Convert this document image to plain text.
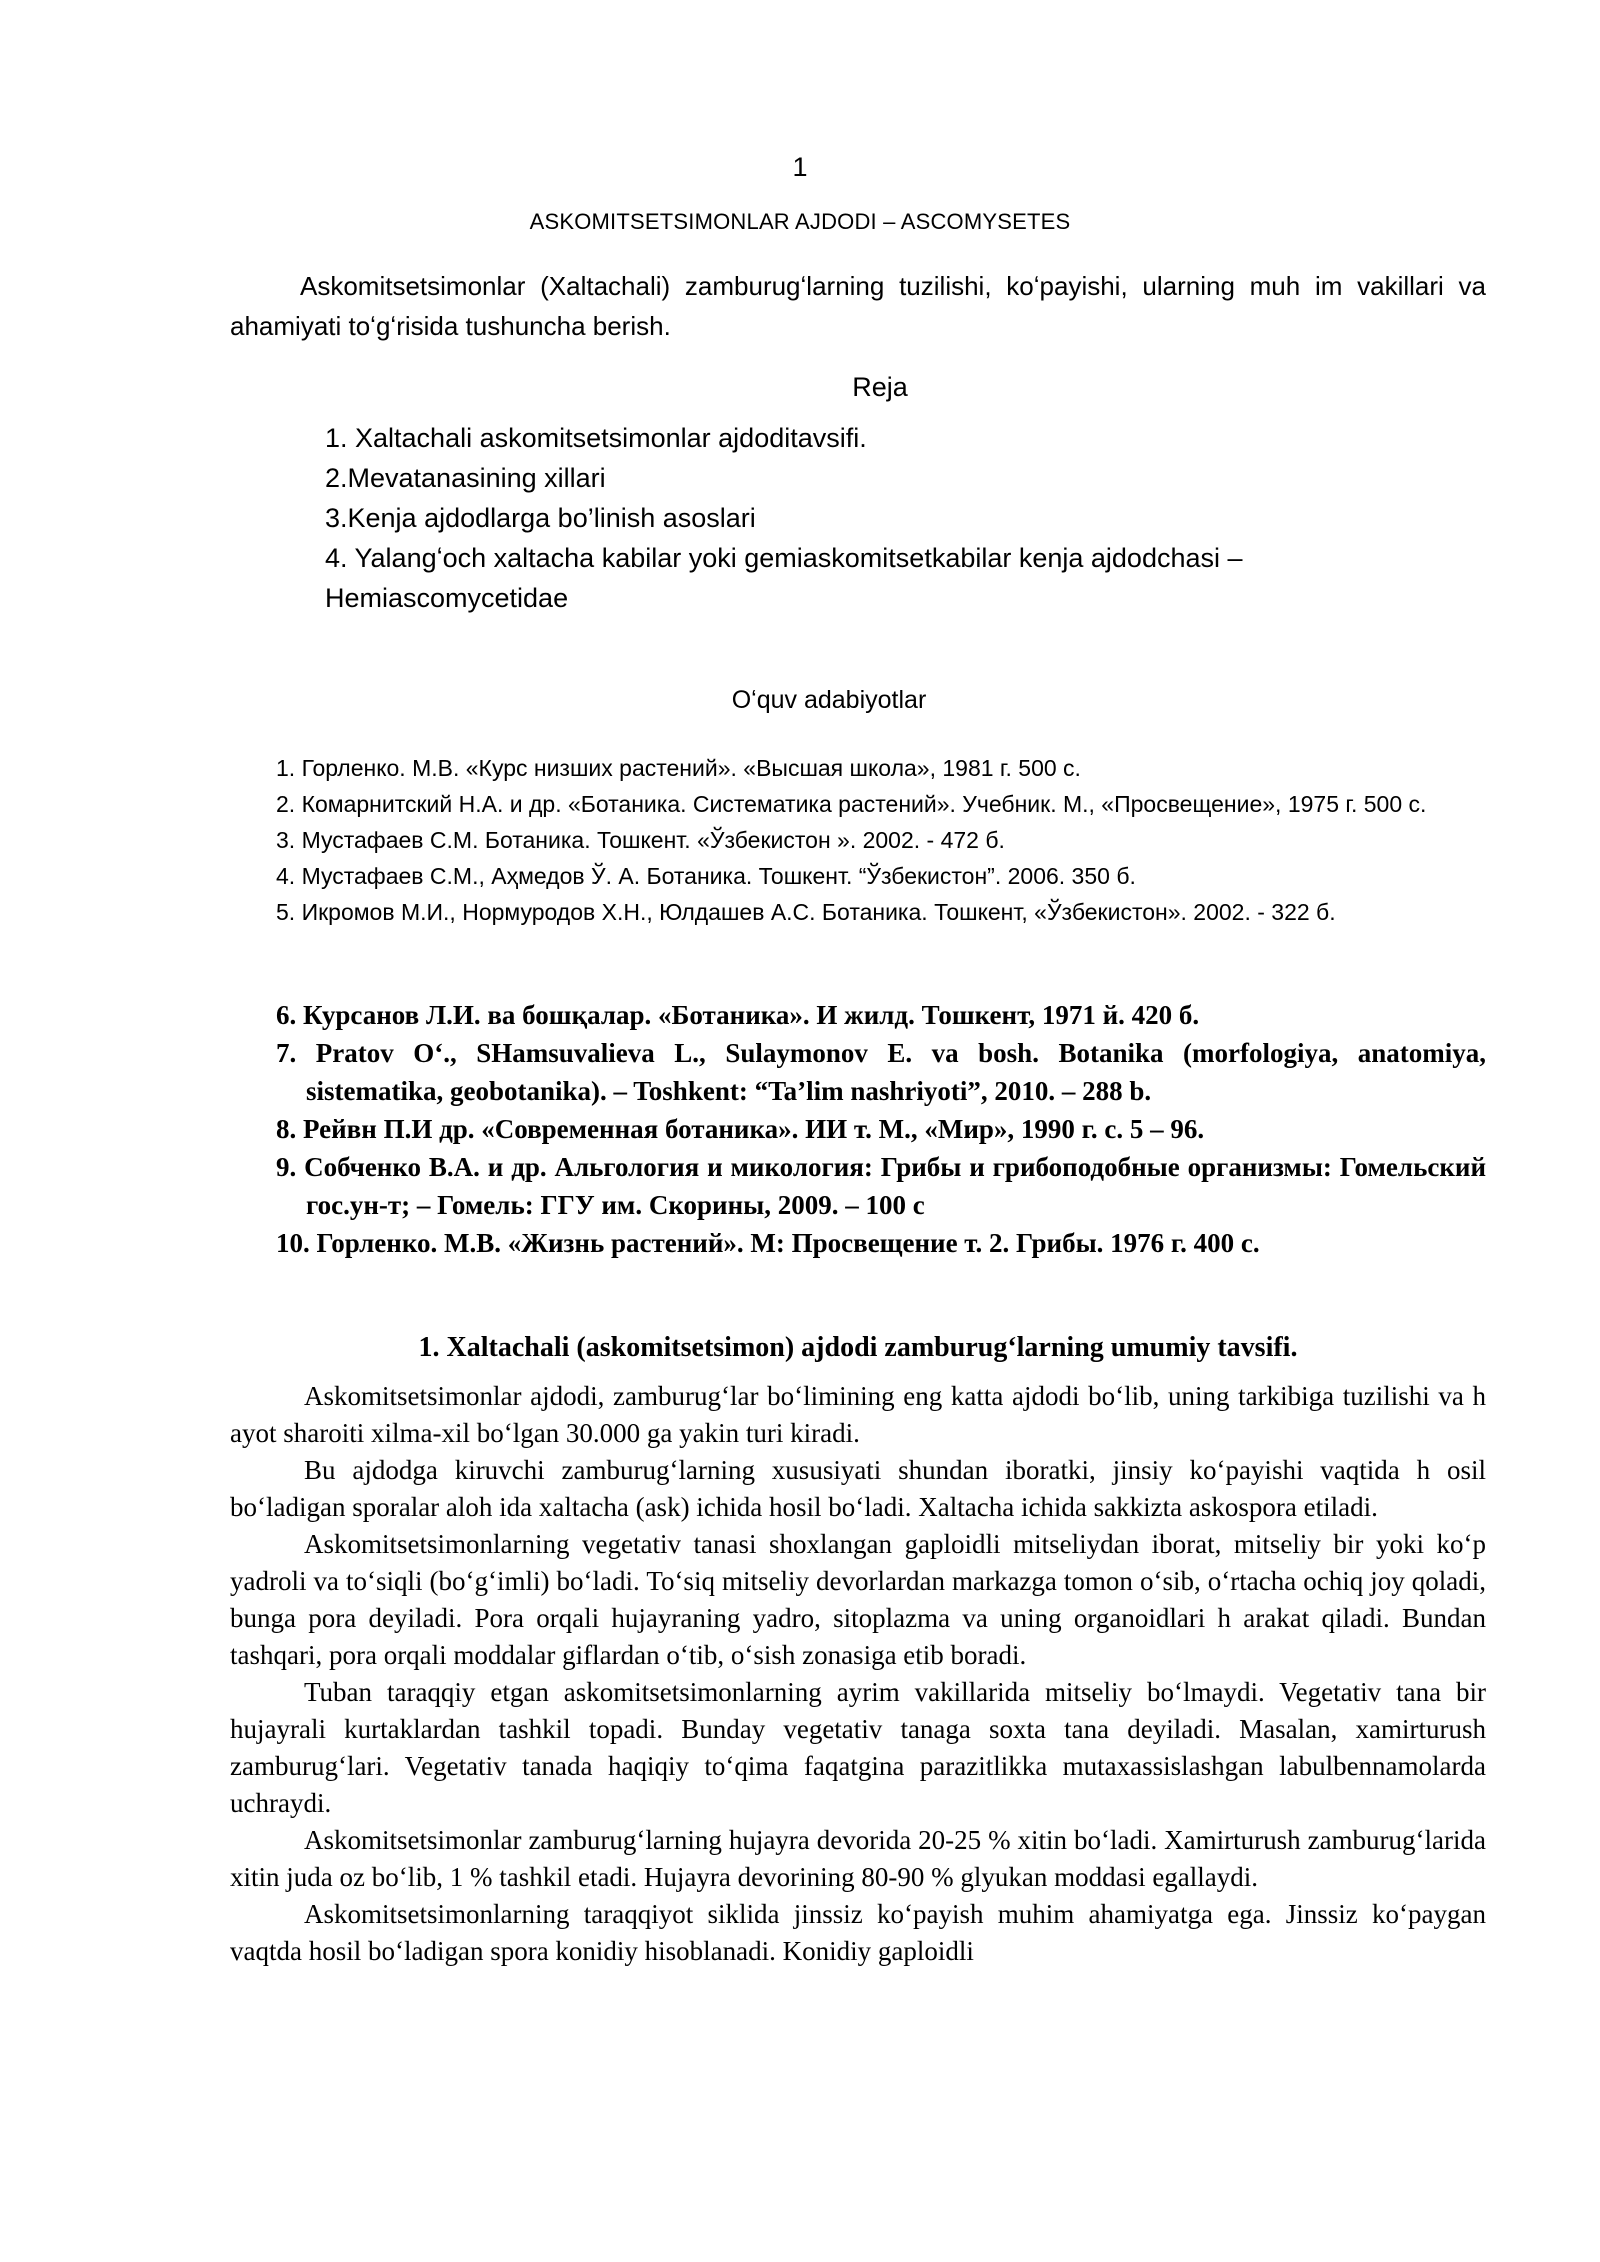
1
ASKOMITSETSIMONLAR AJDODI – ASCOMYSETES

Askomitsetsimonlar (Xaltachali) zamburugʻlarning tuzilishi, koʻpayishi, ularning muh im vakillari va ahamiyati toʻgʻrisida tushuncha berish.

Reja
1. Xaltachali askomitsetsimonlar ajdoditavsifi.
2.Mevatanasining xillari
3.Kenja ajdodlarga bo’linish asoslari
4. Yalangʻoch xaltacha kabilar yoki gemiaskomitsetkabilar kenja ajdodchasi – Hemiascomycetidae
Oʻquv adabiyotlar
1. Горленко. М.В. «Курс низших растений». «Высшая школа», 1981 г. 500 с.
2. Комарнитский Н.А. и др. «Ботаника. Систематика растений». Учебник. М., «Просвещение», 1975 г. 500 с.
3. Мустафаев С.М. Ботаника. Тошкент. «Ўзбекистон ». 2002. - 472 б.
4. Мустафаев С.М., Аҳмедов Ў. А. Ботаника. Тошкент. “Ўзбекистон”. 2006. 350 б.
5. Икромов М.И., Нормуродов Х.Н., Юлдашев А.С. Ботаника. Тошкент, «Ўзбекистон». 2002. - 322 б.
6. Курсанов Л.И. ва бошқалар. «Ботаника». И жилд. Тошкент, 1971 й. 420 б.
7. Pratov Oʻ., SHamsuvalieva L., Sulaymonov E. va bosh. Botanika (morfologiya, anatomiya, sistematika, geobotanika). – Toshkent: “Ta’lim nashriyoti”, 2010. – 288 b.
8. Рейвн П.И др. «Современная ботаника». ИИ т. М., «Мир», 1990 г. с. 5 – 96.
9. Собченко В.А. и др. Альгология и микология: Грибы и грибоподобные организмы: Гомельский гос.ун-т; – Гомель: ГГУ им. Скорины, 2009. – 100 с
10. Горленко. М.В. «Жизнь растений». М: Просвещение т. 2. Грибы. 1976 г. 400 с.
1. Xaltachali (askomitsetsimon) ajdodi zamburugʻlarning umumiy tavsifi.

Askomitsetsimonlar ajdodi, zamburugʻlar boʻlimining eng katta ajdodi boʻlib, uning tarkibiga tuzilishi va h ayot sharoiti xilma-xil boʻlgan 30.000 ga yakin turi kiradi.

Bu ajdodga kiruvchi zamburugʻlarning xususiyati shundan iboratki, jinsiy koʻpayishi vaqtida h osil boʻladigan sporalar aloh ida xaltacha (ask) ichida hosil boʻladi. Xaltacha ichida sakkizta askospora etiladi.

Askomitsetsimonlarning vegetativ tanasi shoxlangan gaploidli mitseliydan iborat, mitseliy bir yoki koʻp yadroli va toʻsiqli (boʻgʻimli) boʻladi. Toʻsiq mitseliy devorlardan markazga tomon oʻsib, oʻrtacha ochiq joy qoladi, bunga pora deyiladi. Pora orqali hujayraning yadro, sitoplazma va uning organoidlari h arakat qiladi. Bundan tashqari, pora orqali moddalar giflardan oʻtib, oʻsish zonasiga etib boradi.

Tuban taraqqiy etgan askomitsetsimonlarning ayrim vakillarida mitseliy boʻlmaydi. Vegetativ tana bir hujayrali kurtaklardan tashkil topadi. Bunday vegetativ tanaga soxta tana deyiladi. Masalan, xamirturush zamburugʻlari. Vegetativ tanada haqiqiy toʻqima faqatgina parazitlikka mutaxassislashgan labulbennamolarda uchraydi.

Askomitsetsimonlar zamburugʻlarning hujayra devorida 20-25 % xitin boʻladi. Xamirturush zamburugʻlarida xitin juda oz boʻlib, 1 % tashkil etadi. Hujayra devorining 80-90 % glyukan moddasi egallaydi.

Askomitsetsimonlarning taraqqiyot siklida jinssiz koʻpayish muhim ahamiyatga ega. Jinssiz koʻpaygan vaqtda hosil boʻladigan spora konidiy hisoblanadi. Konidiy gaploidli
